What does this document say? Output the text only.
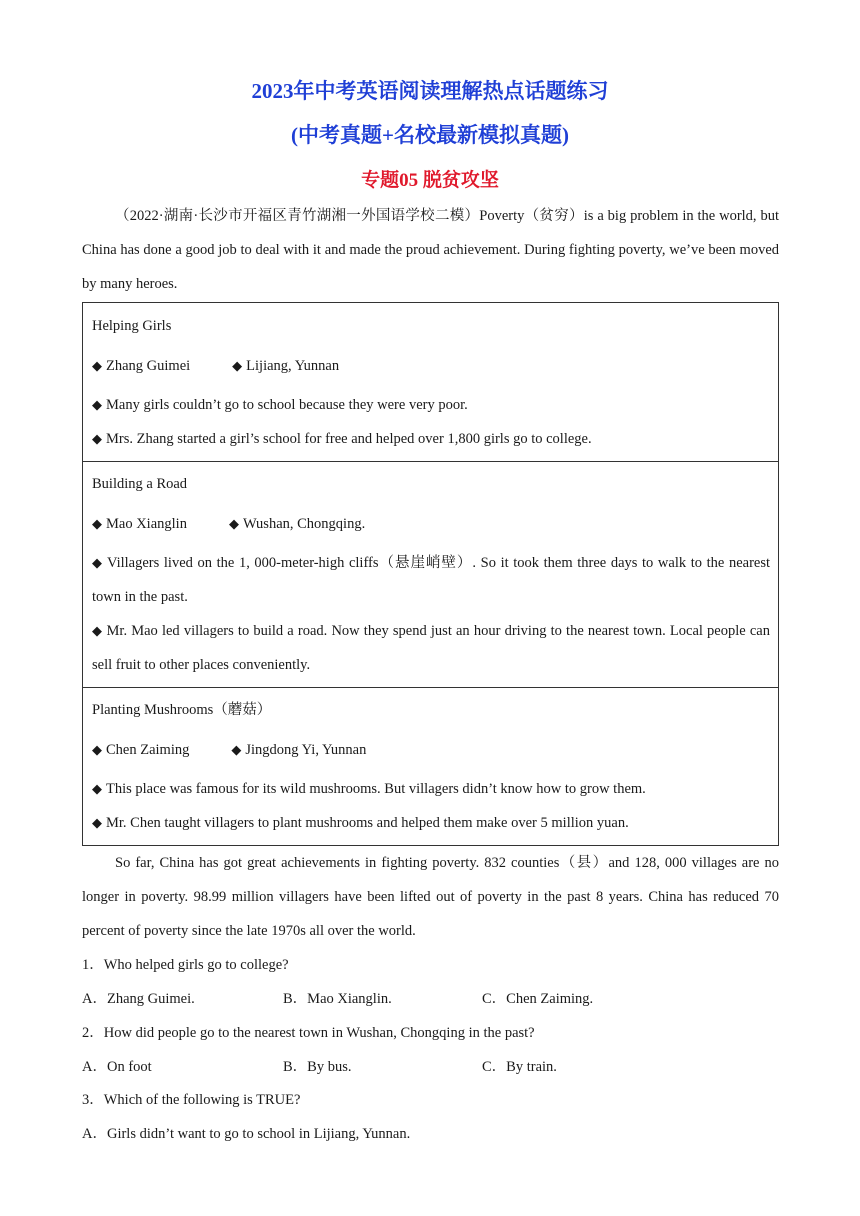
2023年中考英语阅读理解热点话题练习
(中考真题+名校最新模拟真题)
专题05 脱贫攻坚
（2022·湖南·长沙市开福区青竹湖湘一外国语学校二模）Poverty（贫穷）is a big problem in the world, but China has done a good job to deal with it and made the proud achievement. During fighting poverty, we’ve been moved by many heroes.
Helping Girls
◆ Zhang Guimei	◆ Lijiang, Yunnan
◆ Many girls couldn’t go to school because they were very poor.
◆ Mrs. Zhang started a girl’s school for free and helped over 1,800 girls go to college.
Building a Road
◆ Mao Xianglin	◆ Wushan, Chongqing.
◆ Villagers lived on the 1, 000-meter-high cliffs（悬崖峭壁）. So it took them three days to walk to the nearest town in the past.
◆ Mr. Mao led villagers to build a road. Now they spend just an hour driving to the nearest town. Local people can sell fruit to other places conveniently.
Planting Mushrooms（蘑菇）
◆ Chen Zaiming	◆ Jingdong Yi, Yunnan
◆ This place was famous for its wild mushrooms. But villagers didn’t know how to grow them.
◆ Mr. Chen taught villagers to plant mushrooms and helped them make over 5 million yuan.
So far, China has got great achievements in fighting poverty. 832 counties（县）and 128, 000 villages are no longer in poverty. 98.99 million villagers have been lifted out of poverty in the past 8 years. China has reduced 70 percent of poverty since the late 1970s all over the world.
1．Who helped girls go to college?
A．Zhang Guimei.	B．Mao Xianglin.	C．Chen Zaiming.
2．How did people go to the nearest town in Wushan, Chongqing in the past?
A．On foot	B．By bus.	C．By train.
3．Which of the following is TRUE?
A．Girls didn’t want to go to school in Lijiang, Yunnan.
